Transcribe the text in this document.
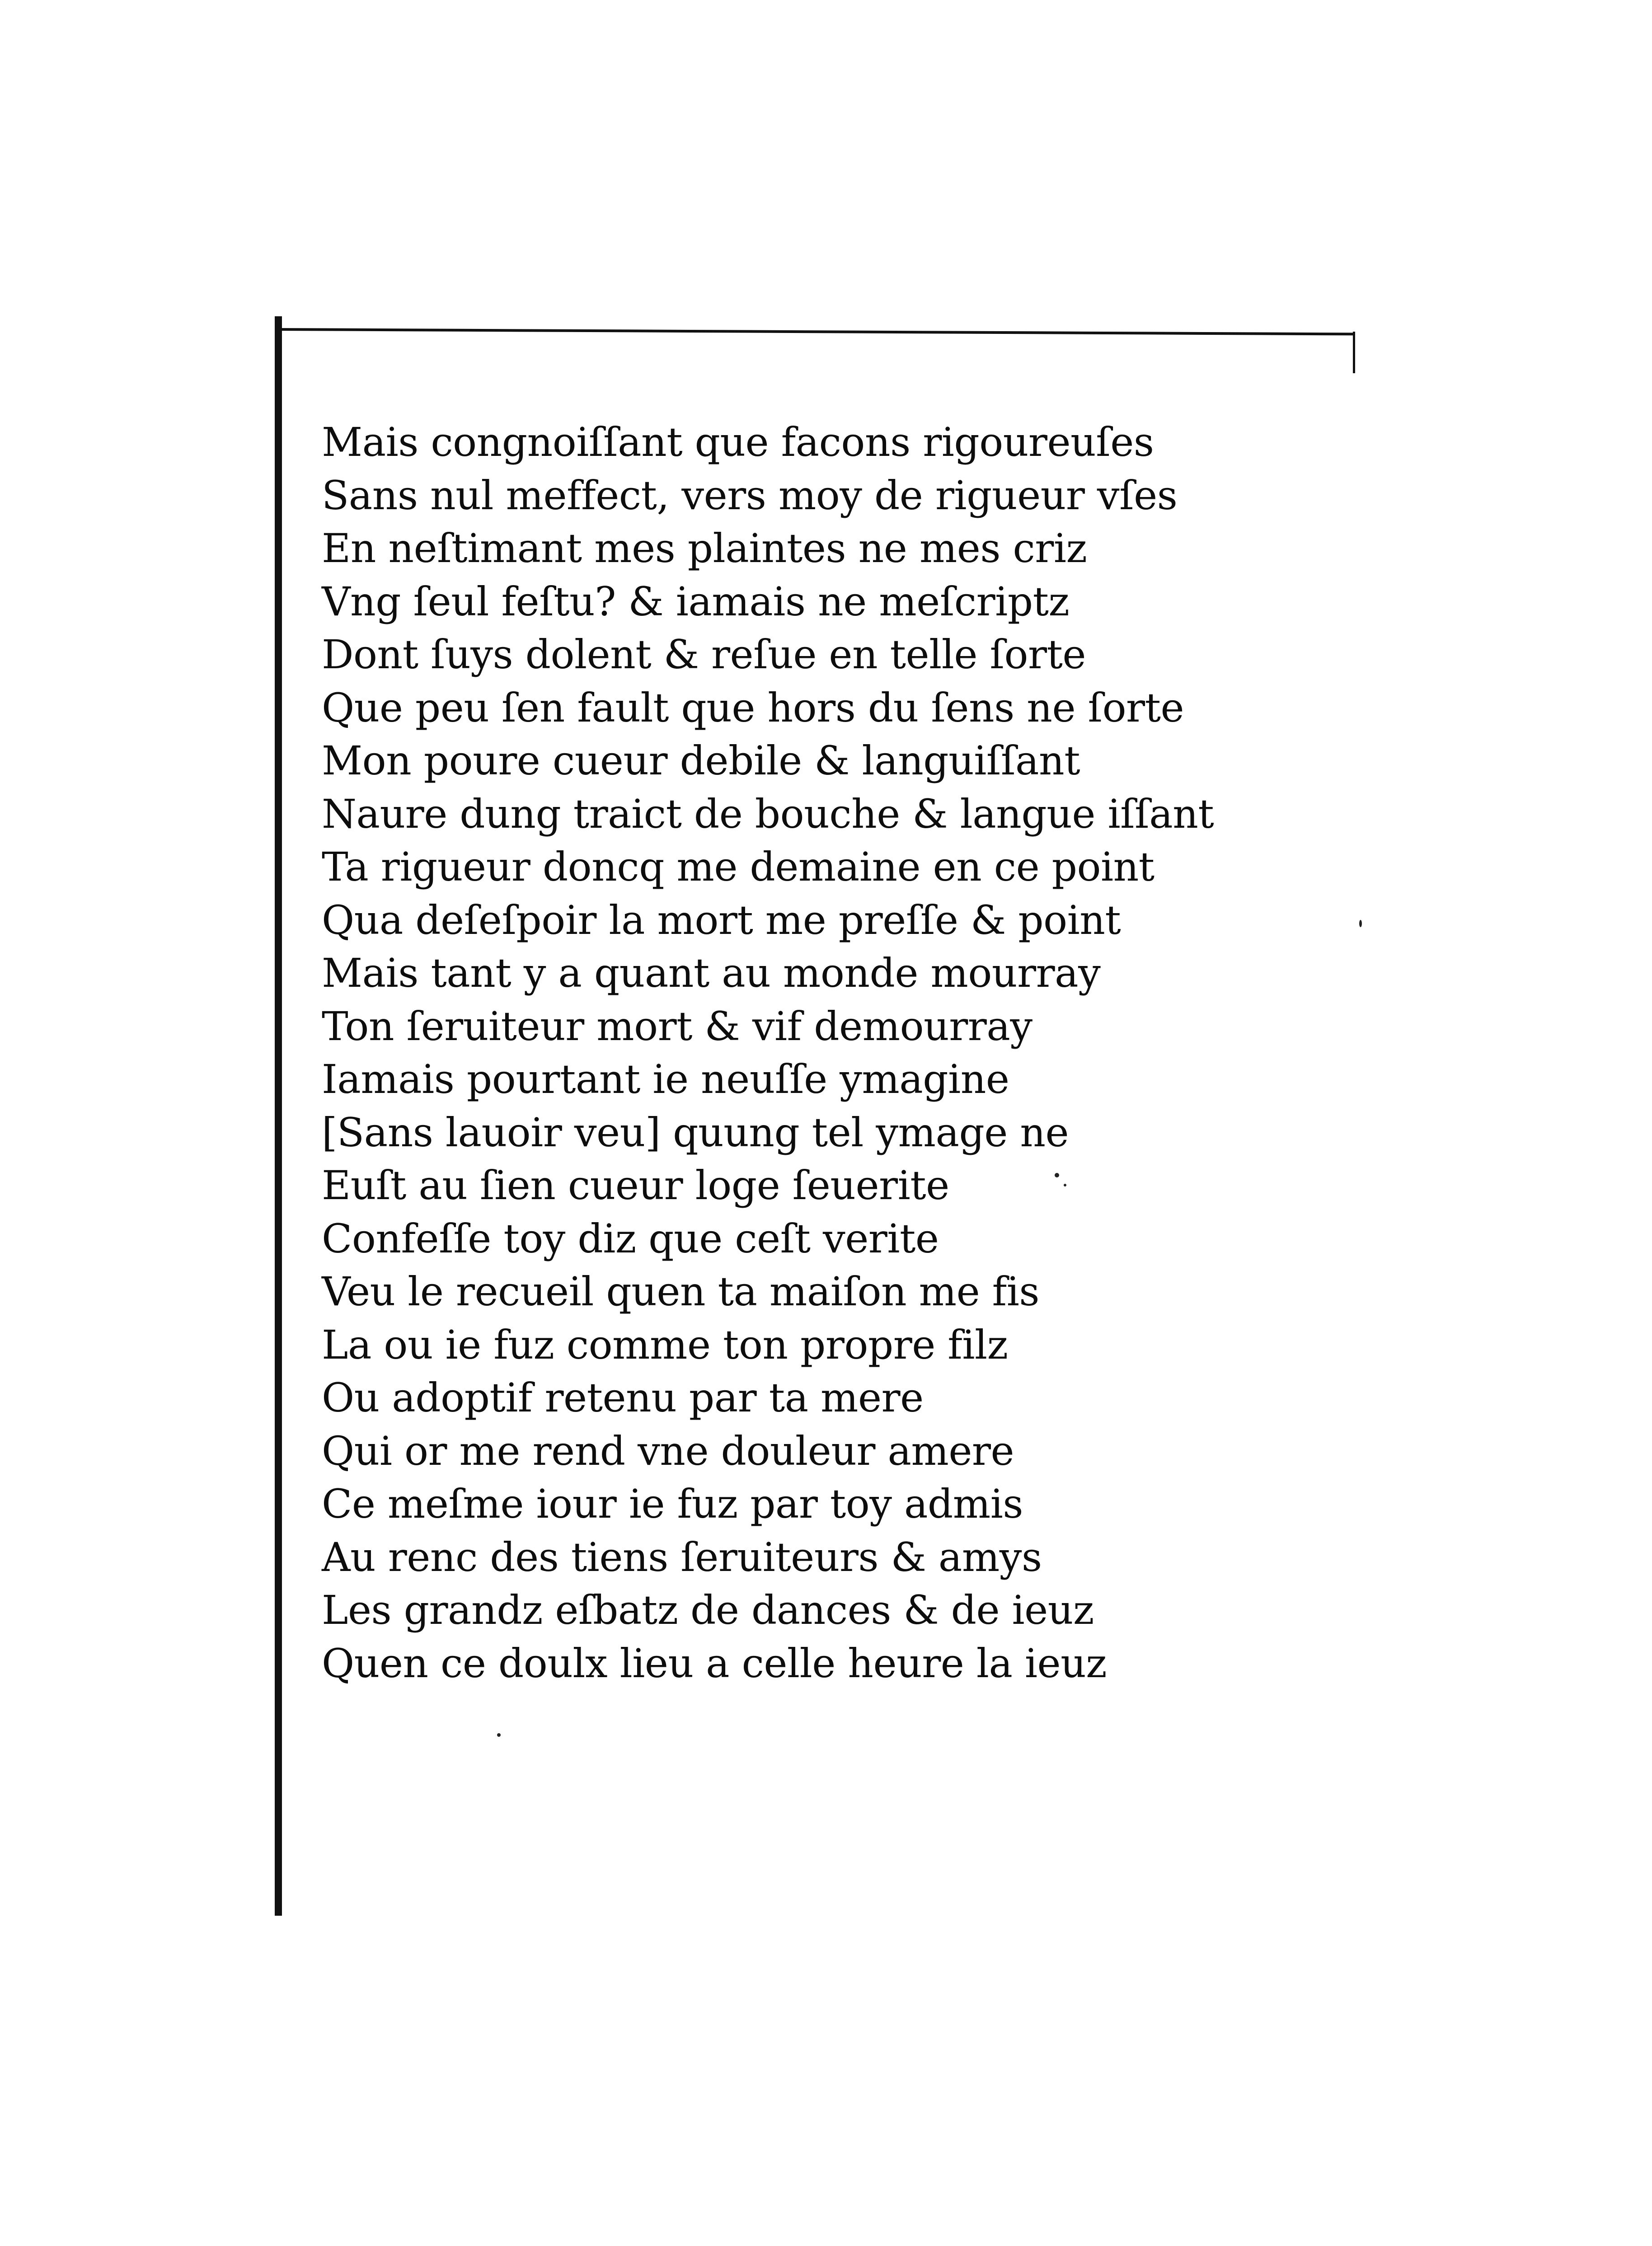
Mais congnoiſſant que facons rigoureuſes
Sans nul meffect, vers moy de rigueur vſes
En neſtimant mes plaintes ne mes criz
Vng ſeul feſtu? & iamais ne meſcriptz
Dont ſuys dolent & reſue en telle ſorte
Que peu ſen fault que hors du ſens ne ſorte
Mon poure cueur debile & languiſſant
Naure dung traict de bouche & langue iſſant
Ta rigueur doncq me demaine en ce point
Qua deſeſpoir la mort me preſſe & point
Mais tant y a quant au monde mourray
Ton ſeruiteur mort & vif demourray
Iamais pourtant ie neuſſe ymagine
[Sans lauoir veu] quung tel ymage ne
Euſt au ſien cueur loge ſeuerite
Confeſſe toy diz que ceſt verite
Veu le recueil quen ta maiſon me fis
La ou ie fuz comme ton propre filz
Ou adoptif retenu par ta mere
Qui or me rend vne douleur amere
Ce meſme iour ie fuz par toy admis
Au renc des tiens ſeruiteurs & amys
Les grandz eſbatz de dances & de ieuz
Quen ce doulx lieu a celle heure la ieuz
